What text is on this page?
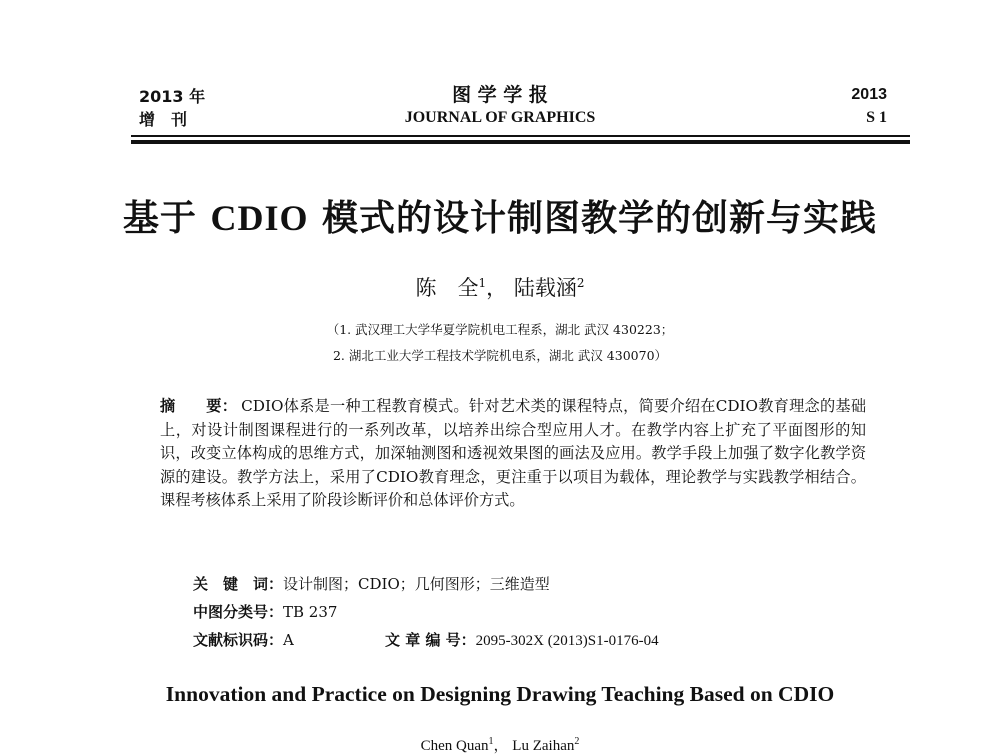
2013 年
增　刊
图 学 学 报
JOURNAL OF GRAPHICS
2013
S 1
基于 CDIO 模式的设计制图教学的创新与实践
陈　全$^1$， 陆载涵$^2$
（1. 武汉理工大学华夏学院机电工程系，湖北 武汉 430223；
2. 湖北工业大学工程技术学院机电系，湖北 武汉 430070）
摘　　要： CDIO体系是一种工程教育模式。针对艺术类的课程特点，简要介绍在CDIO教育理念的基础上，对设计制图课程进行的一系列改革，以培养出综合型应用人才。在教学内容上扩充了平面图形的知识，改变立体构成的思维方式，加深轴测图和透视效果图的画法及应用。教学手段上加强了数字化教学资源的建设。教学方法上，采用了CDIO教育理念，更注重于以项目为载体，理论教学与实践教学相结合。课程考核体系上采用了阶段诊断评价和总体评价方式。
关　键　词：设计制图；CDIO；几何图形；三维造型
中图分类号：TB 237
文献标识码：A	文 章 编 号：2095-302X (2013)S1-0176-04
Innovation and Practice on Designing Drawing Teaching Based on CDIO
Chen Quan$^1$， Lu Zaihan$^2$
